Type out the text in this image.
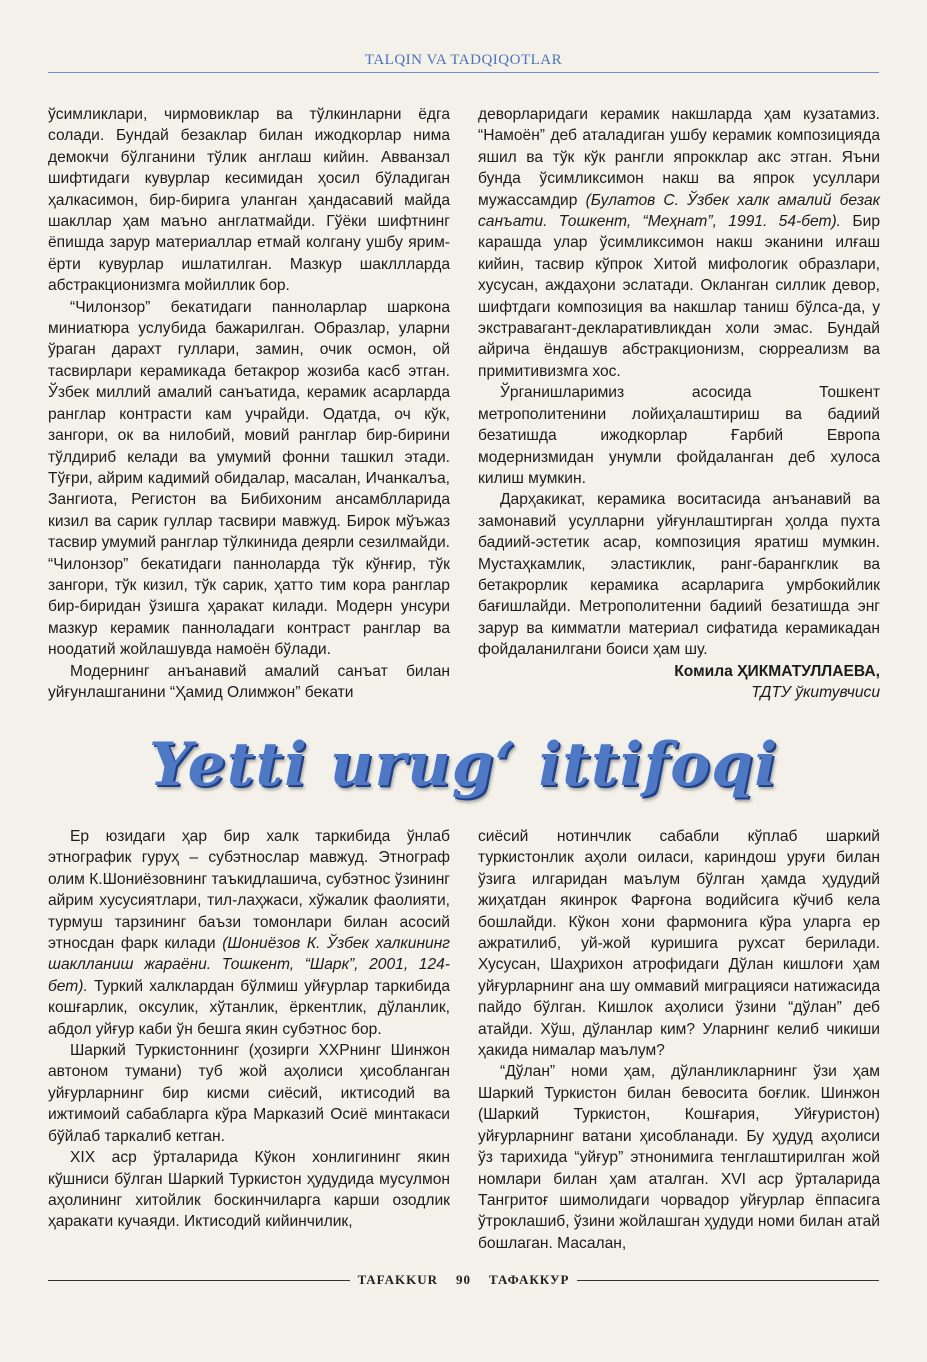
TALQIN VA TADQIQOTLAR

ўсимликлари, чирмовиклар ва тўлкинларни ёдга солади. Бундай безаклар билан ижодкорлар нима демокчи бўлганини тўлик англаш кийин. Авванзал шифтидаги кувурлар кесимидан ҳосил бўладиган ҳалкасимон, бир-бирига уланган ҳандасавий майда шакллар ҳам маъно англатмайди. Гўёки шифтнинг ёпишда зарур материаллар етмай колгану ушбу ярим-ёрти кувурлар ишлатилган. Мазкур шакллларда абстракционизмга мойиллик бор.

“Чилонзор” бекатидаги панноларлар шаркона миниатюра услубида бажарилган. Образлар, уларни ўраган дарахт гуллари, замин, очик осмон, ой тасвирлари керамикада бетакрор жозиба касб этган. Ўзбек миллий амалий санъатида, керамик асарларда ранглар контрасти кам учрайди. Одатда, оч кўк, зангори, ок ва нилобий, мовий ранглар бир-бирини тўлдириб келади ва умумий фонни ташкил этади. Тўғри, айрим кадимий обидалар, масалан, Ичанкалъа, Зангиота, Регистон ва Бибихоним ансамблларида кизил ва сарик гуллар тасвири мавжуд. Бирок мўъжаз тасвир умумий ранглар тўлкинида деярли сезилмайди. “Чилонзор” бекатидаги панноларда тўк кўнғир, тўк зангори, тўк кизил, тўк сарик, ҳатто тим кора ранглар бир-биридан ўзишга ҳаракат килади. Модерн унсури мазкур керамик панноладаги контраст ранглар ва ноодатий жойлашувда намоён бўлади.

Модернинг анъанавий амалий санъат билан уйғунлашганини “Ҳамид Олимжон” бекати

деворларидаги керамик накшларда ҳам кузатамиз. “Намоён” деб аталадиган ушбу керамик композицияда яшил ва тўк кўк рангли япрокклар акс этган. Яъни бунда ўсимликсимон накш ва япрок усуллари мужассамдир (Булатов С. Ўзбек халк амалий безак санъати. Тошкент, “Меҳнат”, 1991. 54-бет). Бир карашда улар ўсимликсимон накш эканини илғаш кийин, тасвир кўпрок Хитой мифологик образлари, хусусан, аждаҳони эслатади. Окланган силлик девор, шифтдаги композиция ва накшлар таниш бўлса-да, у экстравагант-декларативликдан холи эмас. Бундай айрича ёндашув абстракционизм, сюрреализм ва примитивизмга хос.

Ўрганишларимиз асосида Тошкент метрополитенини лойиҳалаштириш ва бадиий безатишда ижодкорлар Ғарбий Европа модернизмидан унумли фойдаланган деб хулоса килиш мумкин.

Дарҳакикат, керамика воситасида анъанавий ва замонавий усулларни уйғунлаштирган ҳолда пухта бадиий-эстетик асар, композиция яратиш мумкин. Мустаҳкамлик, эластиклик, ранг-барангклик ва бетакрорлик керамика асарларига умрбокийлик бағишлайди. Метрополитенни бадиий безатишда энг зарур ва кимматли материал сифатида керамикадан фойдаланилгани боиси ҳам шу.

Комила ҲИКМАТУЛЛАЕВА,
ТДТУ ўкитувчиси

Yetti urug‘ ittifoqi

Ер юзидаги ҳар бир халк таркибида ўнлаб этнографик гуруҳ – субэтнослар мавжуд. Этнограф олим К.Шониёзовнинг таъкидлашича, субэтнос ўзининг айрим хусусиятлари, тил-лаҳжаси, хўжалик фаолияти, турмуш тарзининг баъзи томонлари билан асосий этносдан фарк килади (Шониёзов К. Ўзбек халкининг шаклланиш жараёни. Тошкент, “Шарк”, 2001, 124-бет). Туркий халклардан бўлмиш уйғурлар таркибида кошғарлик, оксулик, хўтанлик, ёркентлик, дўланлик, абдол уйғур каби ўн бешга якин субэтнос бор.

Шаркий Туркистоннинг (ҳозирги ХХРнинг Шинжон автоном тумани) туб жой аҳолиси ҳисобланган уйғурларнинг бир кисми сиёсий, иктисодий ва ижтимоий сабабларга кўра Марказий Осиё минтакаси бўйлаб таркалиб кетган.

XIX аср ўрталарида Кўкон хонлигининг якин кўшниси бўлган Шаркий Туркистон ҳудудида мусулмон аҳолининг хитойлик боскинчиларга карши озодлик ҳаракати кучаяди. Иктисодий кийинчилик,

сиёсий нотинчлик сабабли кўплаб шаркий туркистонлик аҳоли оиласи, кариндош уруғи билан ўзига илгаридан маълум бўлган ҳамда ҳудудий жиҳатдан якинрок Фарғона водийсига кўчиб кела бошлайди. Кўкон хони фармонига кўра уларга ер ажратилиб, уй-жой куришига рухсат берилади. Хусусан, Шаҳрихон атрофидаги Дўлан кишлоғи ҳам уйғурларнинг ана шу оммавий миграцияси натижасида пайдо бўлган. Кишлок аҳолиси ўзини “дўлан” деб атайди. Хўш, дўланлар ким? Уларнинг келиб чикиши ҳакида нималар маълум?

“Дўлан” номи ҳам, дўланликларнинг ўзи ҳам Шаркий Туркистон билан бевосита боғлик. Шинжон (Шаркий Туркистон, Кошғария, Уйғуристон) уйғурларнинг ватани ҳисобланади. Бу ҳудуд аҳолиси ўз тарихида “уйғур” этнонимига тенглаштирилган жой номлари билан ҳам аталган. XVI аср ўрталарида Тангритоғ шимолидаги чорвадор уйғурлар ёппасига ўтроклашиб, ўзини жойлашган ҳудуди номи билан атай бошлаган. Масалан,

TAFAKKUR	90	ТАФАККУР
